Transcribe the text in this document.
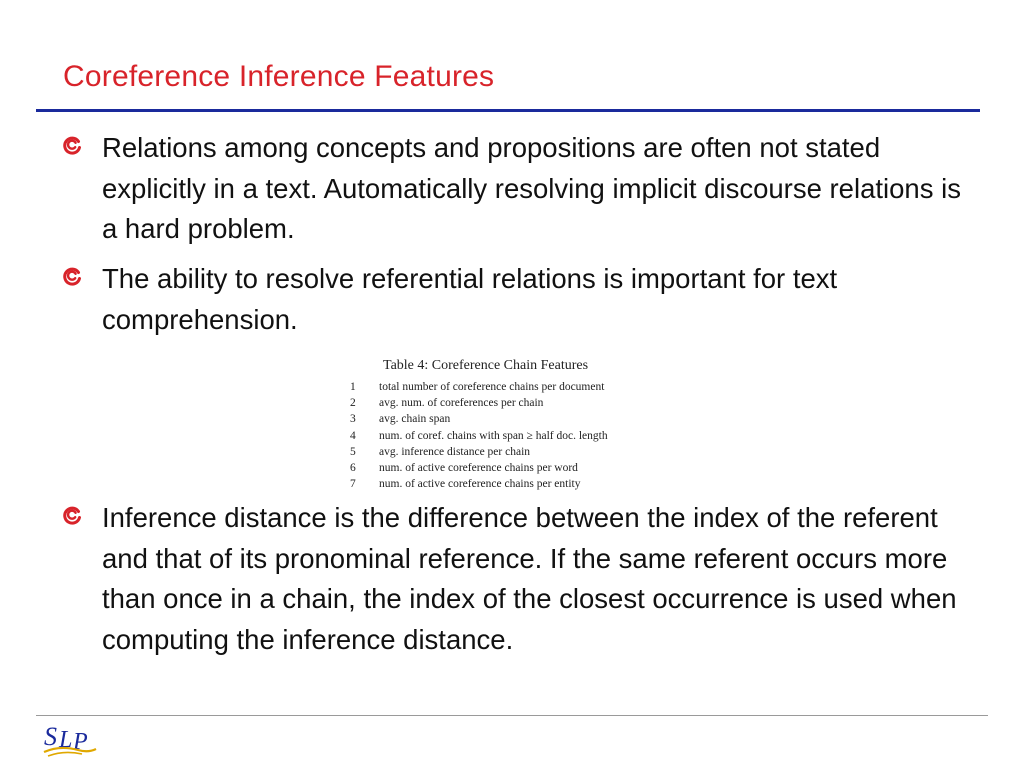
Coreference Inference Features
Relations among concepts and propositions are often not stated explicitly in a text. Automatically resolving implicit discourse relations is a hard problem.
The ability to resolve referential relations is important for text comprehension.
Table 4: Coreference Chain Features
1	total number of coreference chains per document
2	avg. num. of coreferences per chain
3	avg. chain span
4	num. of coref. chains with span ≥ half doc. length
5	avg. inference distance per chain
6	num. of active coreference chains per word
7	num. of active coreference chains per entity
Inference distance is the difference between the index of the referent and that of its pronominal reference. If the same referent occurs more than once in a chain, the index of the closest occurrence is used when computing the inference distance.
S L P
